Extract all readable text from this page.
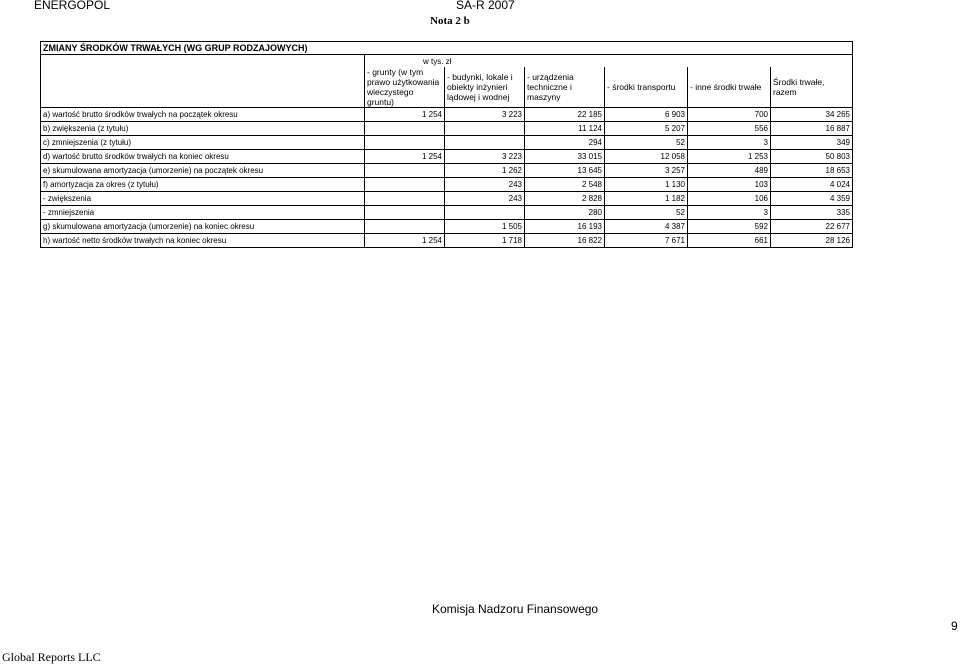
ENERGOPOL	SA-R 2007
Nota 2 b
ZMIANY ŚRODKÓW TRWAŁYCH (WG GRUP RODZAJOWYCH)						
	w tys. zł					
	- grunty (w tym prawo użytkowania wieczystego gruntu)	- budynki, lokale i obiekty inżynieri lądowej i wodnej	- urządzenia techniczne i maszyny	- środki transportu	- inne środki trwałe	Środki trwałe, razem
a) wartość brutto środków trwałych na początek okresu	1 254	3 223	22 185	6 903	700	34 265
b) zwiększenia (z tytułu)			11 124	5 207	556	16 887
c) zmniejszenia (z tytułu)			294	52	3	349
d) wartość brutto środków trwałych na koniec okresu	1 254	3 223	33 015	12 058	1 253	50 803
e) skumulowana amortyzacja (umorzenie) na początek okresu		1 262	13 645	3 257	489	18 653
f) amortyzacja za okres (z tytułu)		243	2 548	1 130	103	4 024
- zwiększenia		243	2 828	1 182	106	4 359
- zmniejszenia			280	52	3	335
g) skumulowana amortyzacja (umorzenie) na koniec okresu		1 505	16 193	4 387	592	22 677
h) wartość netto środków trwałych na koniec okresu	1 254	1 718	16 822	7 671	661	28 126
Komisja Nadzoru Finansowego
9
Global Reports LLC
